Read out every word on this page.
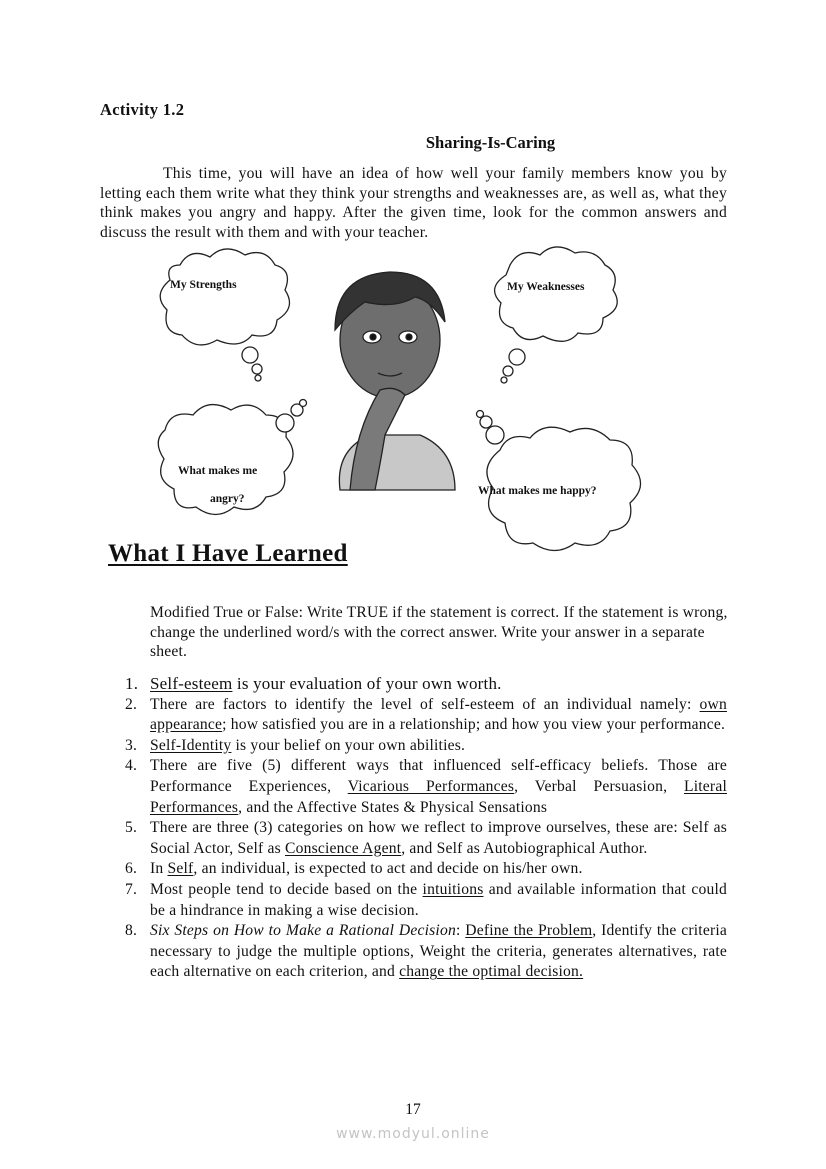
Activity 1.2
Sharing-Is-Caring
This time, you will have an idea of how well your family members know you by letting each them write what they think your strengths and weaknesses are, as well as, what they think makes you angry and happy. After the given time, look for the common answers and discuss the result with them and with your teacher.
My Strengths	My Weaknesses
What makes me
angry?
What makes me happy?
What I Have Learned
Modified True or False: Write TRUE if the statement is correct. If the statement is wrong, change the underlined word/s with the correct answer. Write your answer in a separate sheet.
1. Self-esteem is your evaluation of your own worth.
2. There are factors to identify the level of self-esteem of an individual namely: own appearance; how satisfied you are in a relationship; and how you view your performance.
3. Self-Identity is your belief on your own abilities.
4. There are five (5) different ways that influenced self-efficacy beliefs. Those are Performance Experiences, Vicarious Performances, Verbal Persuasion, Literal Performances, and the Affective States & Physical Sensations
5. There are three (3) categories on how we reflect to improve ourselves, these are: Self as Social Actor, Self as Conscience Agent, and Self as Autobiographical Author.
6. In Self, an individual, is expected to act and decide on his/her own.
7. Most people tend to decide based on the intuitions and available information that could be a hindrance in making a wise decision.
8. Six Steps on How to Make a Rational Decision: Define the Problem, Identify the criteria necessary to judge the multiple options, Weight the criteria, generates alternatives, rate each alternative on each criterion, and change the optimal decision.
17
www.modyul.online
